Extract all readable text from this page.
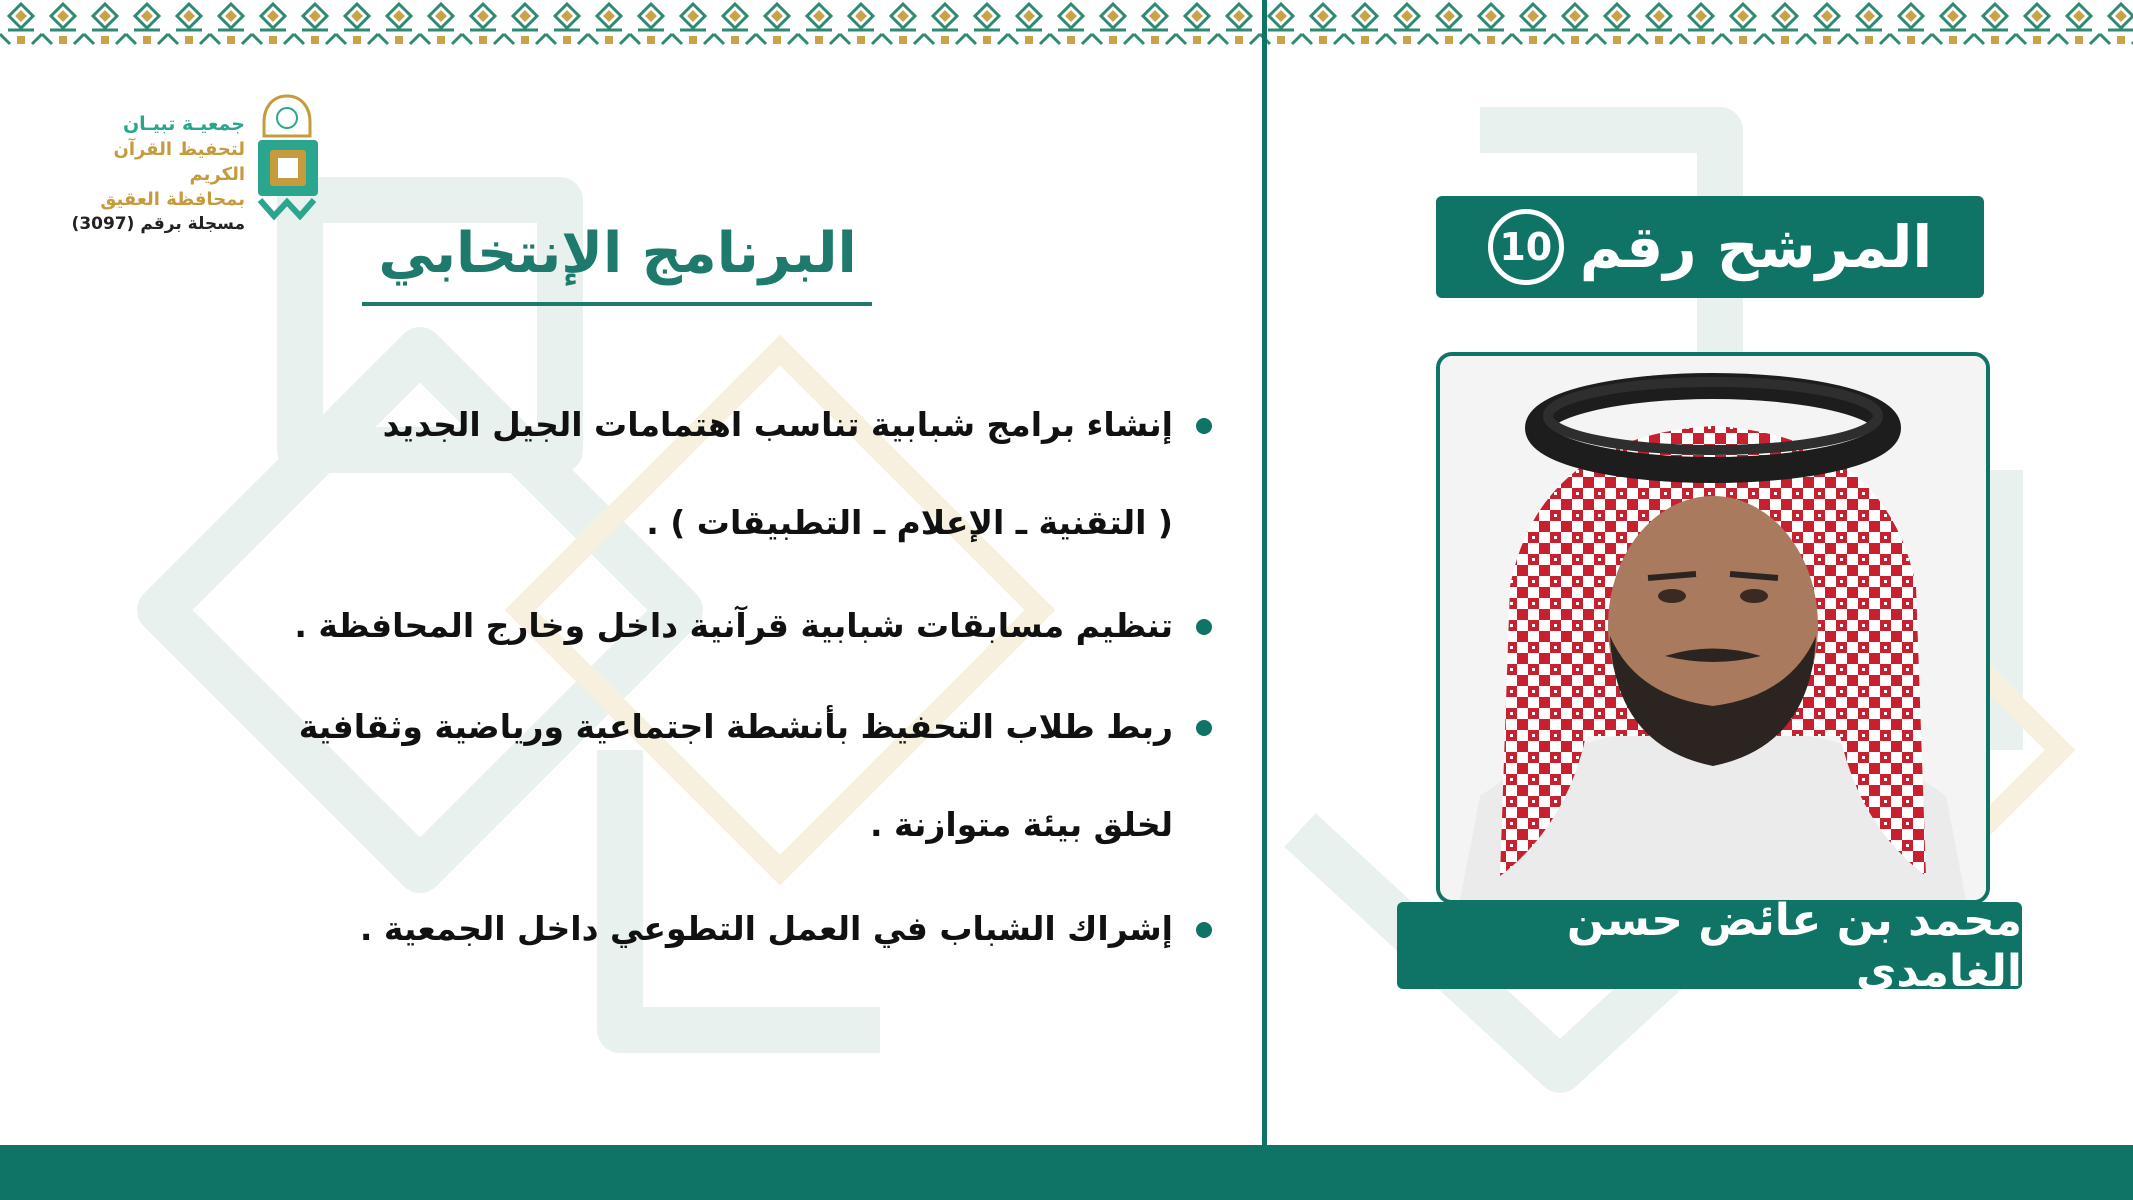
جمعيـة تبيـان
لتحفيظ القرآن الكريم
بمحافظة العقيق
مسجلة برقم (3097)	البرنامج الإنتخابي
إنشاء برامج شبابية تناسب اهتمامات الجيل الجديد
( التقنية ـ الإعلام ـ التطبيقات ) .
تنظيم مسابقات شبابية قرآنية داخل وخارج المحافظة .
ربط طلاب التحفيظ بأنشطة اجتماعية ورياضية وثقافية
لخلق بيئة متوازنة .
إشراك الشباب في العمل التطوعي داخل الجمعية .
المرشح رقم
10
محمد بن عائض حسن الغامدي
